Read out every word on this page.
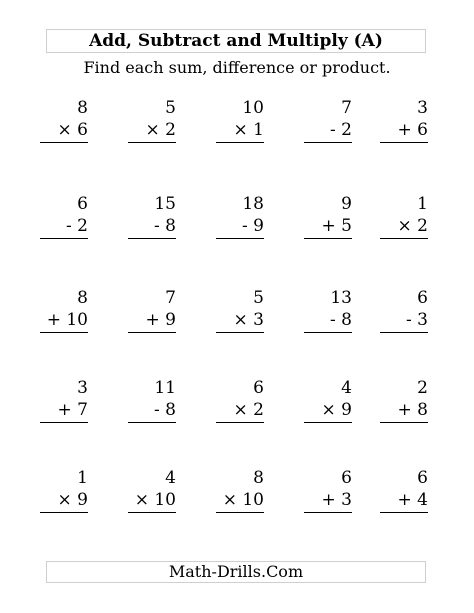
Add, Subtract and Multiply (A)
Find each sum, difference or product.
8
× 6
5
× 2
10
× 1
7
- 2
3
+ 6
6
- 2
15
- 8
18
- 9
9
+ 5
1
× 2
8
+ 10
7
+ 9
5
× 3
13
- 8
6
- 3
3
+ 7
11
- 8
6
× 2
4
× 9
2
+ 8
1
× 9
4
× 10
8
× 10
6
+ 3
6
+ 4
Math-Drills.Com
